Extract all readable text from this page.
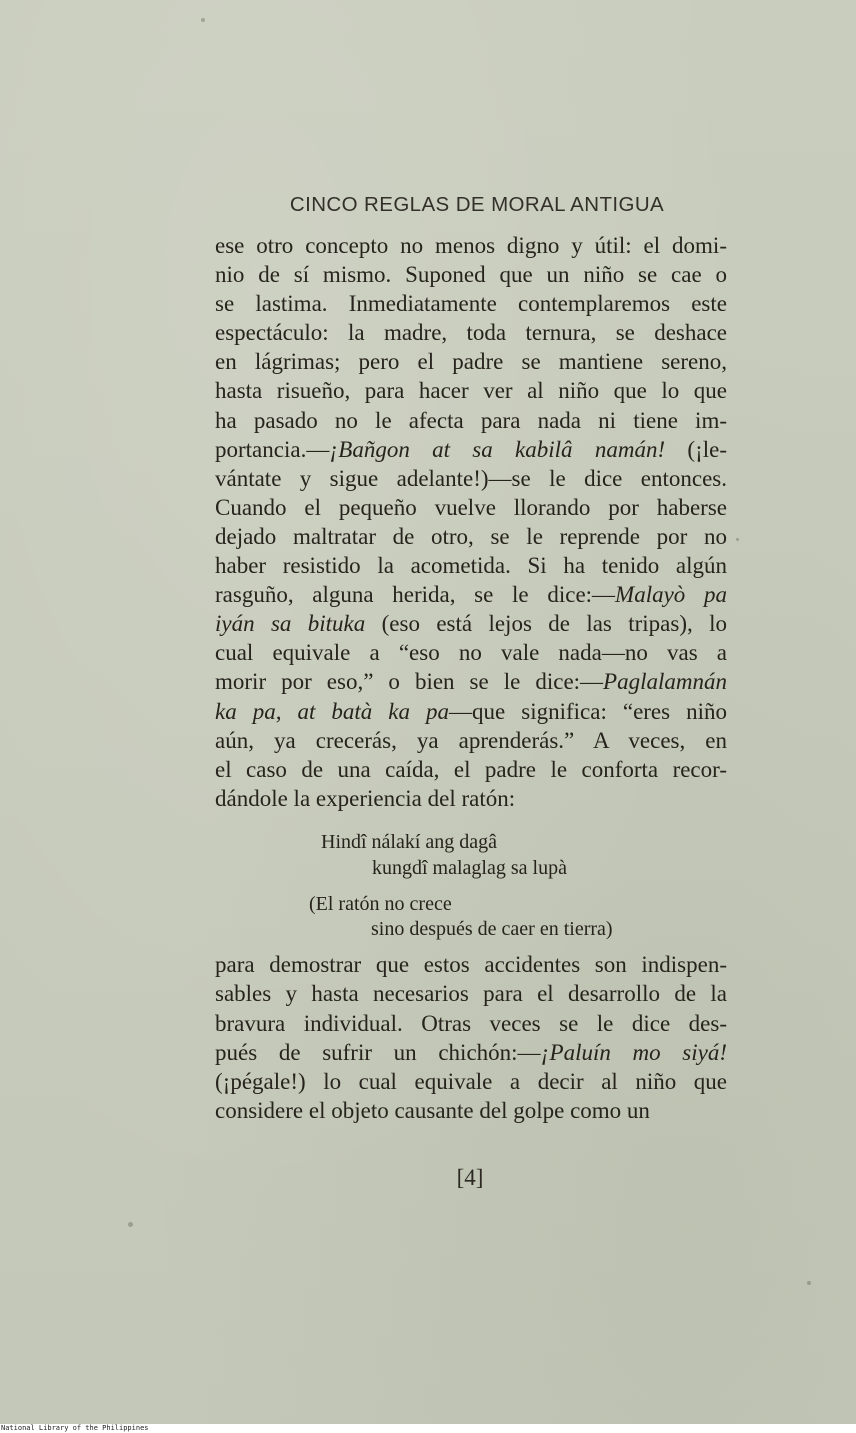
CINCO REGLAS DE MORAL ANTIGUA
ese otro concepto no menos digno y útil: el domi-
nio de sí mismo. Suponed que un niño se cae o
se lastima. Inmediatamente contemplaremos este
espectáculo: la madre, toda ternura, se deshace
en lágrimas; pero el padre se mantiene sereno,
hasta risueño, para hacer ver al niño que lo que
ha pasado no le afecta para nada ni tiene im-
portancia.—¡Bañgon at sa kabilâ namán! (¡le-
vántate y sigue adelante!)—se le dice entonces.
Cuando el pequeño vuelve llorando por haberse
dejado maltratar de otro, se le reprende por no
haber resistido la acometida. Si ha tenido algún
rasguño, alguna herida, se le dice:—Malayò pa
iyán sa bituka (eso está lejos de las tripas), lo
cual equivale a “eso no vale nada—no vas a
morir por eso,” o bien se le dice:—Paglalamnán
ka pa, at batà ka pa—que significa: “eres niño
aún, ya crecerás, ya aprenderás.” A veces, en
el caso de una caída, el padre le conforta recor-
dándole la experiencia del ratón:
Hindî nálakí ang dagâ
kungdî malaglag sa lupà
(El ratón no crece
sino después de caer en tierra)
para demostrar que estos accidentes son indispen-
sables y hasta necesarios para el desarrollo de la
bravura individual. Otras veces se le dice des-
pués de sufrir un chichón:—¡Paluín mo siyá!
(¡pégale!) lo cual equivale a decir al niño que
considere el objeto causante del golpe como un
[4]
National Library of the Philippines
